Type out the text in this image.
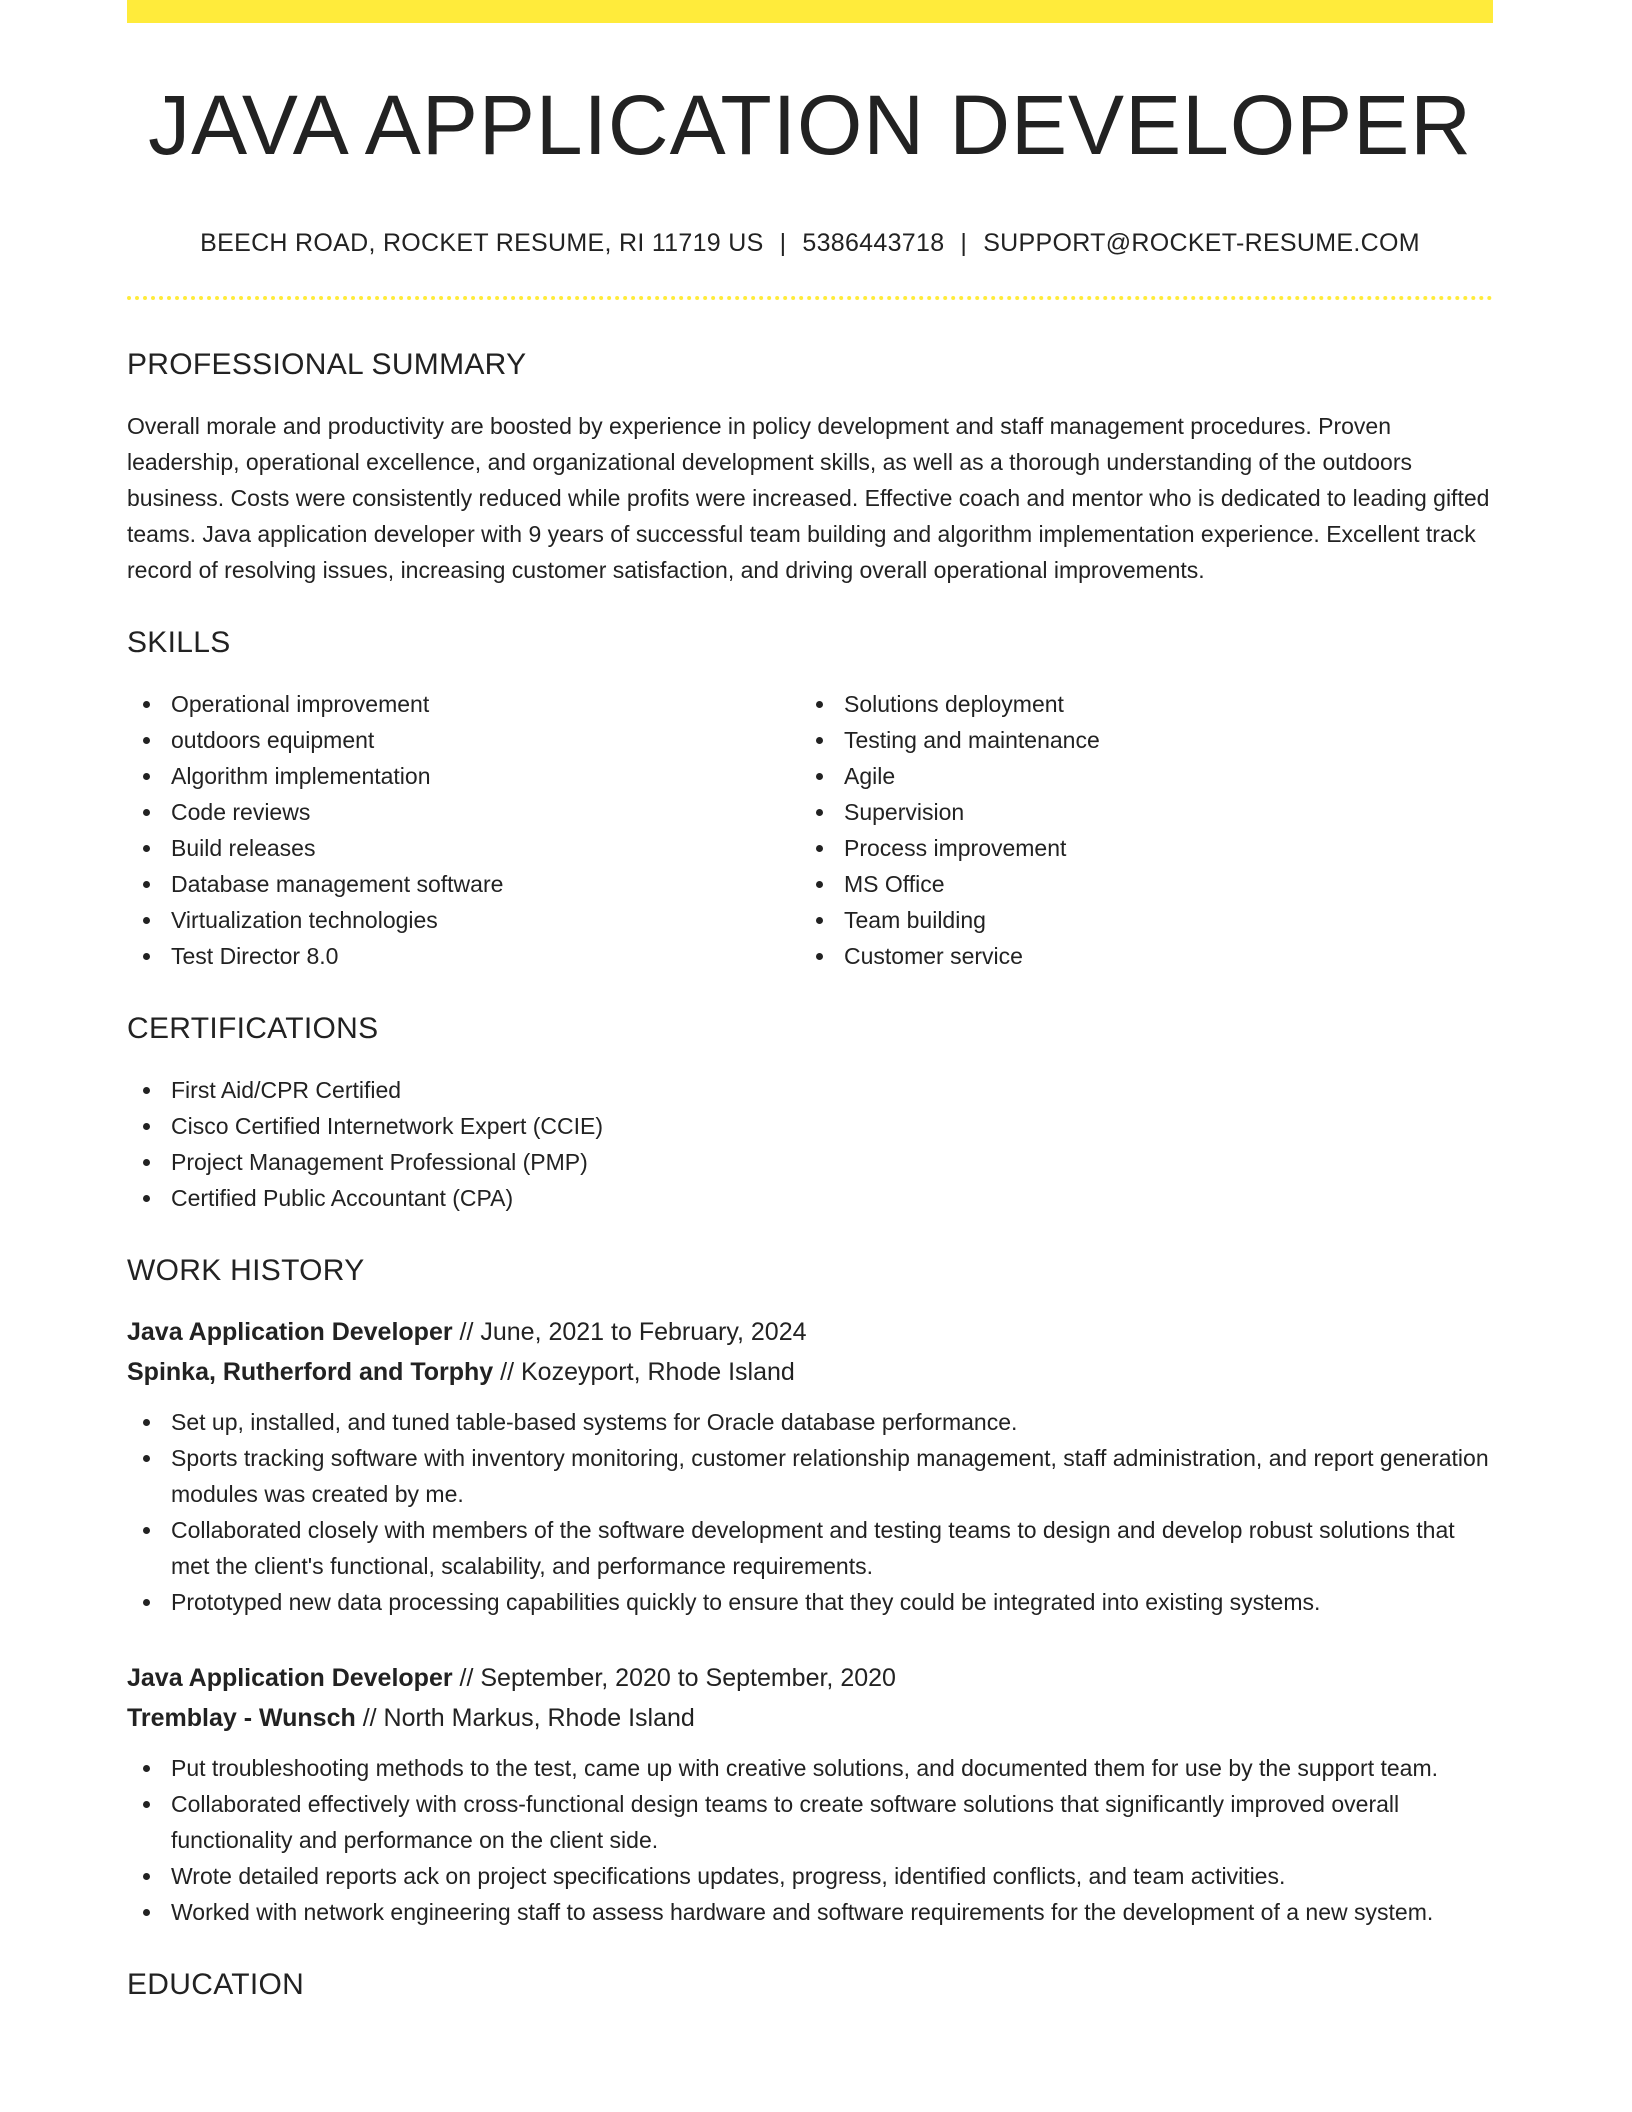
JAVA APPLICATION DEVELOPER
BEECH ROAD, ROCKET RESUME, RI 11719 US | 5386443718 | SUPPORT@ROCKET-RESUME.COM
PROFESSIONAL SUMMARY
Overall morale and productivity are boosted by experience in policy development and staff management procedures. Proven leadership, operational excellence, and organizational development skills, as well as a thorough understanding of the outdoors business. Costs were consistently reduced while profits were increased. Effective coach and mentor who is dedicated to leading gifted teams. Java application developer with 9 years of successful team building and algorithm implementation experience. Excellent track record of resolving issues, increasing customer satisfaction, and driving overall operational improvements.
SKILLS
Operational improvement
outdoors equipment
Algorithm implementation
Code reviews
Build releases
Database management software
Virtualization technologies
Test Director 8.0
Solutions deployment
Testing and maintenance
Agile
Supervision
Process improvement
MS Office
Team building
Customer service
CERTIFICATIONS
First Aid/CPR Certified
Cisco Certified Internetwork Expert (CCIE)
Project Management Professional (PMP)
Certified Public Accountant (CPA)
WORK HISTORY
Java Application Developer // June, 2021 to February, 2024
Spinka, Rutherford and Torphy // Kozeyport, Rhode Island
Set up, installed, and tuned table-based systems for Oracle database performance.
Sports tracking software with inventory monitoring, customer relationship management, staff administration, and report generation modules was created by me.
Collaborated closely with members of the software development and testing teams to design and develop robust solutions that met the client's functional, scalability, and performance requirements.
Prototyped new data processing capabilities quickly to ensure that they could be integrated into existing systems.
Java Application Developer // September, 2020 to September, 2020
Tremblay - Wunsch // North Markus, Rhode Island
Put troubleshooting methods to the test, came up with creative solutions, and documented them for use by the support team.
Collaborated effectively with cross-functional design teams to create software solutions that significantly improved overall functionality and performance on the client side.
Wrote detailed reports ack on project specifications updates, progress, identified conflicts, and team activities.
Worked with network engineering staff to assess hardware and software requirements for the development of a new system.
EDUCATION
